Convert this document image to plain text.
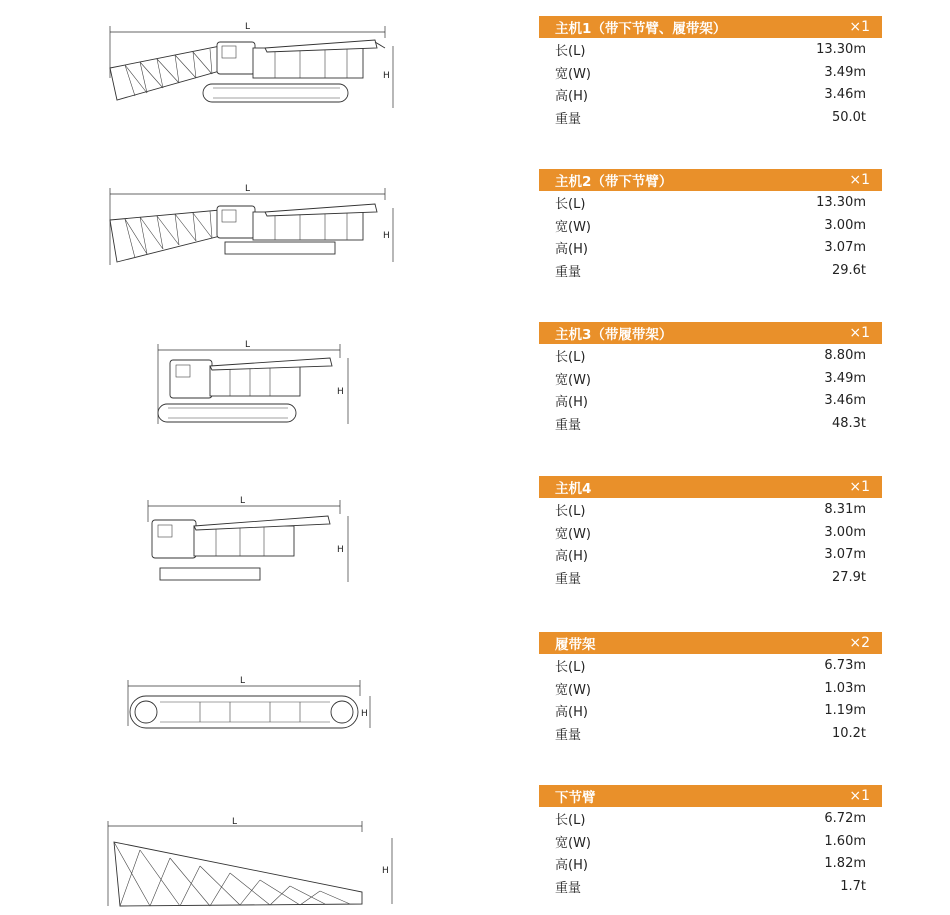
L
H
L
H
L
H
L
H
L
H
L
H
主机1（带下节臂、履带架）	×1
长(L)	13.30m
宽(W)	3.49m
高(H)	3.46m
重量	50.0t
主机2（带下节臂）	×1
长(L)	13.30m
宽(W)	3.00m
高(H)	3.07m
重量	29.6t
主机3（带履带架）	×1
长(L)	8.80m
宽(W)	3.49m
高(H)	3.46m
重量	48.3t
主机4	×1
长(L)	8.31m
宽(W)	3.00m
高(H)	3.07m
重量	27.9t
履带架	×2
长(L)	6.73m
宽(W)	1.03m
高(H)	1.19m
重量	10.2t
下节臂	×1
长(L)	6.72m
宽(W)	1.60m
高(H)	1.82m
重量	1.7t
